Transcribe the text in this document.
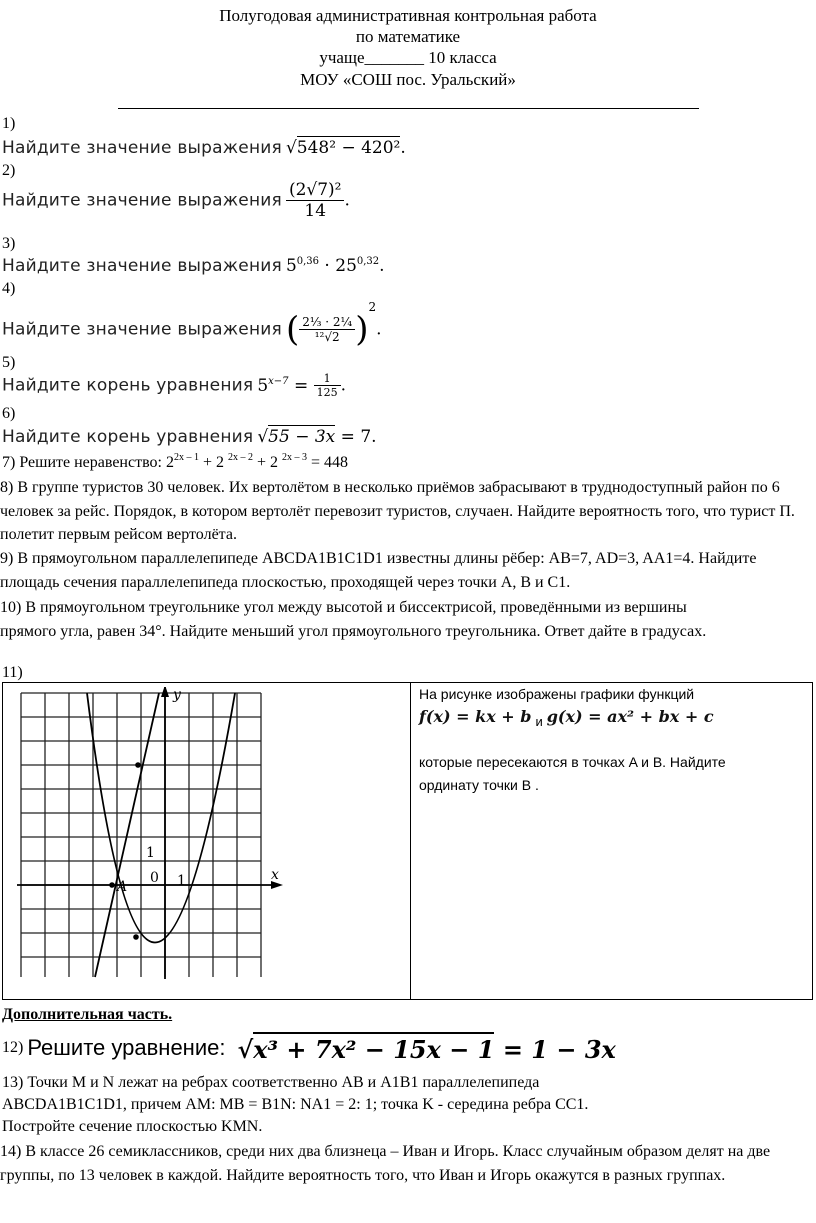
Полугодовая административная контрольная работа
по математике
учаще_______ 10 класса
МОУ «СОШ пос. Уральский»
1)
Найдите значение выражения √548² − 420².
2)
Найдите значение выражения $\frac{\text{(2√7)²}}{14}$ .
3)
Найдите значение выражения $5^{0,36} \cdot 25^{0,32}$.
4)
Найдите значение выражения ( $\frac{\text{2⅓ · 2¼}}{\text{¹²√2}} )^2$.
5)
Найдите корень уравнения $5^{x-7} = \frac{1}{125}$ .
6)
Найдите корень уравнения √55 − 3x = 7.
7) Решите неравенство: $2^{2x - 1} + 2$ $^{2x - 2}$ + 2 $^{2x - 3}$ = 448
8) В группе туристов 30 человек. Их вертолётом в несколько приёмов забрасывают в труднодоступный район по 6 человек за рейс. Порядок, в котором вертолёт перевозит туристов, случаен. Найдите вероятность того, что турист П. полетит первым рейсом вертолёта.
9) В прямоугольном параллелепипеде ABCDA1B1C1D1 известны длины рёбер: AB=7, AD=3, AA1=4. Найдите площадь сечения параллелепипеда плоскостью, проходящей через точки A, B и C1.
10) В прямоугольном треугольнике угол между высотой и биссектрисой, проведёнными из вершины прямого угла, равен 34°. Найдите меньший угол прямоугольного треугольника. Ответ дайте в градусах.
11)
y
x
1
0 1
A
На рисунке изображены графики функций
f(x) = kx + b $_и$ g(x) = ax² + bx + c
которые пересекаются в точках A и B. Найдите
ординату точки B .
Дополнительная часть.
12) Решите уравнение: √x³ + 7x² − 15x − 1 = 1 − 3x
13) Точки M и N лежат на ребрах соответственно AB и A1B1 параллелепипеда
ABCDA1B1C1D1, причем AM: MB = B1N: NA1 = 2: 1; точка K - середина ребра CC1.
Постройте сечение плоскостью KMN.
14) В классе 26 семиклассников, среди них два близнеца – Иван и Игорь. Класс случайным образом делят на две группы, по 13 человек в каждой. Найдите вероятность того, что Иван и Игорь окажутся в разных группах.
